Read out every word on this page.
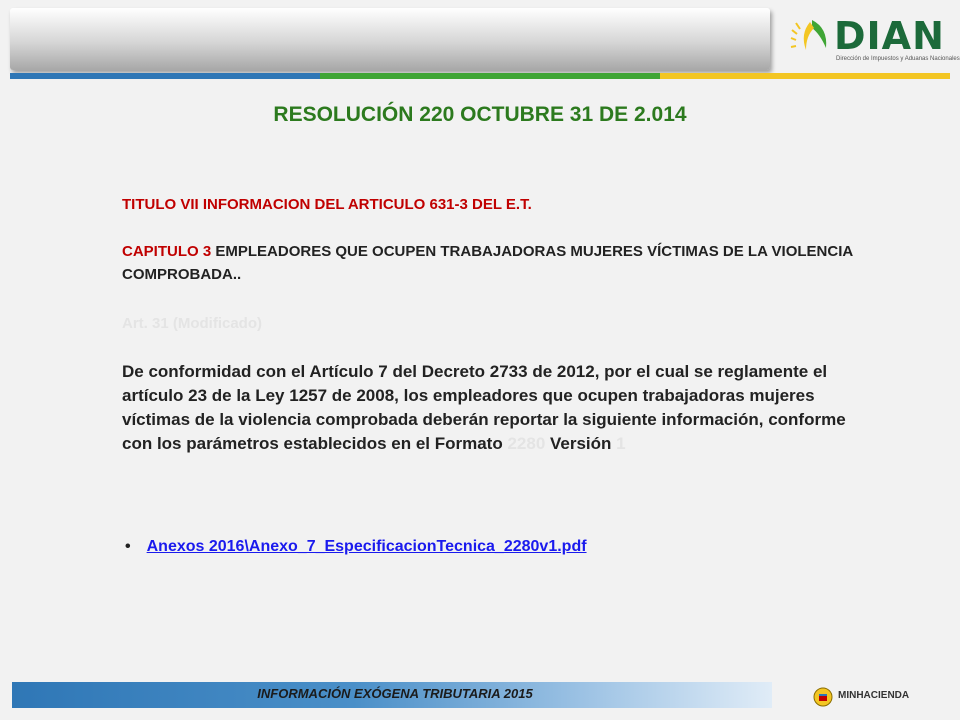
DIAN
Dirección de Impuestos y Aduanas Nacionales
RESOLUCIÓN 220 OCTUBRE 31 DE 2.014
TITULO VII INFORMACION DEL ARTICULO 631-3 DEL E.T.
CAPITULO 3 EMPLEADORES QUE OCUPEN TRABAJADORAS MUJERES VÍCTIMAS DE LA VIOLENCIA COMPROBADA..
Art. 31 (Modificado)
De conformidad con el Artículo 7 del Decreto 2733 de 2012, por el cual se reglamente el artículo 23 de la Ley 1257 de 2008, los empleadores que ocupen trabajadoras mujeres víctimas de la violencia comprobada deberán reportar la siguiente información, conforme con los parámetros establecidos en el Formato 2280 Versión 1
• Anexos 2016\Anexo_7_EspecificacionTecnica_2280v1.pdf
INFORMACIÓN EXÓGENA TRIBUTARIA 2015	MINHACIENDA
